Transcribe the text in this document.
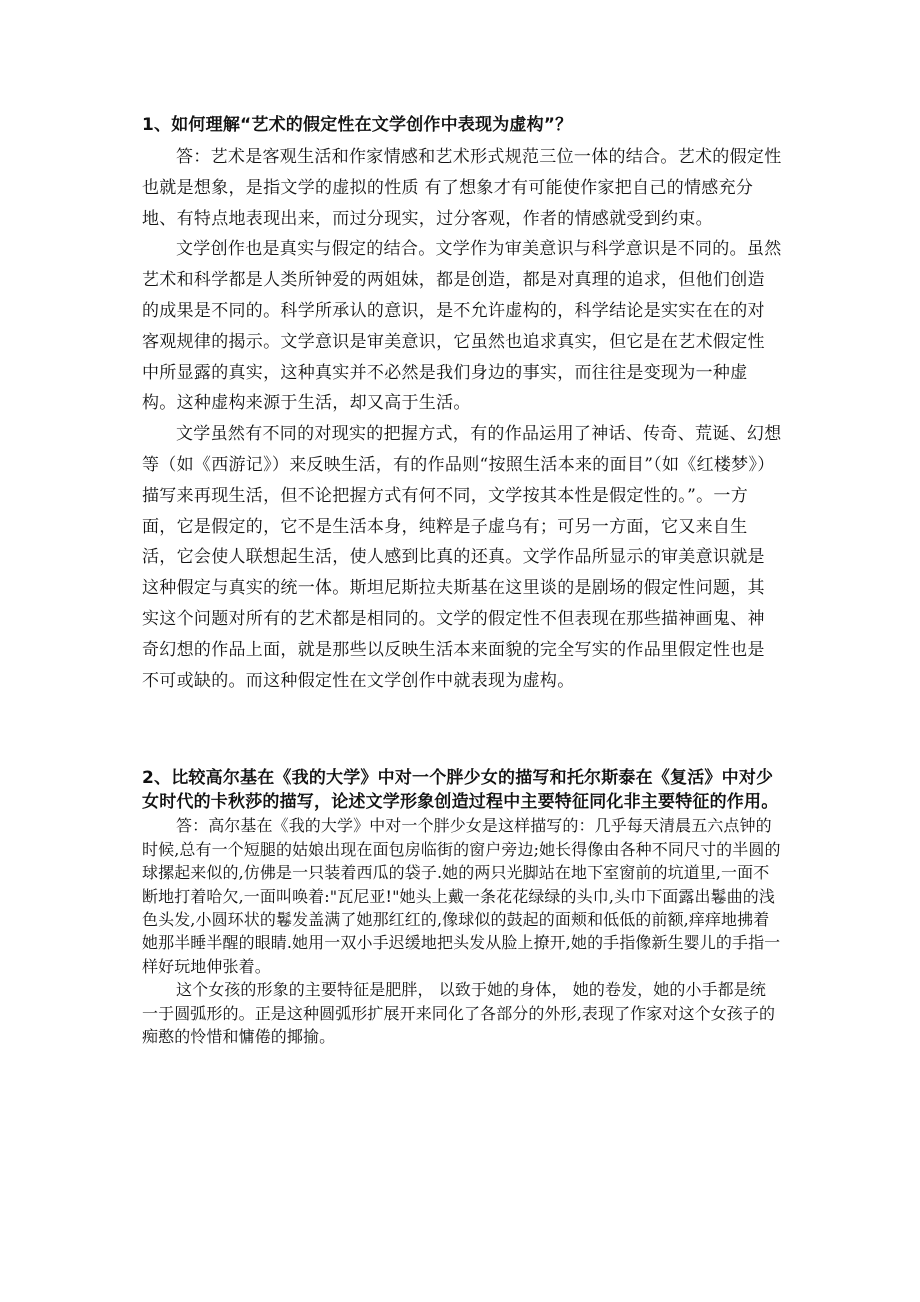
1、如何理解“艺术的假定性在文学创作中表现为虚构”？

答：艺术是客观生活和作家情感和艺术形式规范三位一体的结合。艺术的假定性也就是想象，是指文学的虚拟的性质 有了想象才有可能使作家把自己的情感充分地、有特点地表现出来，而过分现实，过分客观，作者的情感就受到约束。

文学创作也是真实与假定的结合。文学作为审美意识与科学意识是不同的。虽然艺术和科学都是人类所钟爱的两姐妹，都是创造，都是对真理的追求，但他们创造的成果是不同的。科学所承认的意识，是不允许虚构的，科学结论是实实在在的对客观规律的揭示。文学意识是审美意识，它虽然也追求真实，但它是在艺术假定性中所显露的真实，这种真实并不必然是我们身边的事实，而往往是变现为一种虚构。这种虚构来源于生活，却又高于生活。

文学虽然有不同的对现实的把握方式，有的作品运用了神话、传奇、荒诞、幻想等（如《西游记》）来反映生活，有的作品则“按照生活本来的面目”（如《红楼梦》）描写来再现生活，但不论把握方式有何不同，文学按其本性是假定性的。”。一方面，它是假定的，它不是生活本身，纯粹是子虚乌有；可另一方面，它又来自生活，它会使人联想起生活，使人感到比真的还真。文学作品所显示的审美意识就是这种假定与真实的统一体。斯坦尼斯拉夫斯基在这里谈的是剧场的假定性问题，其实这个问题对所有的艺术都是相同的。文学的假定性不但表现在那些描神画鬼、神奇幻想的作品上面，就是那些以反映生活本来面貌的完全写实的作品里假定性也是不可或缺的。而这种假定性在文学创作中就表现为虚构。

2、比较高尔基在《我的大学》中对一个胖少女的描写和托尔斯泰在《复活》中对少女时代的卡秋莎的描写，论述文学形象创造过程中主要特征同化非主要特征的作用。

答：高尔基在《我的大学》中对一个胖少女是这样描写的：几乎每天清晨五六点钟的时候,总有一个短腿的姑娘出现在面包房临街的窗户旁边;她长得像由各种不同尺寸的半圆的球摞起来似的,仿佛是一只装着西瓜的袋子.她的两只光脚站在地下室窗前的坑道里,一面不断地打着哈欠,一面叫唤着:"瓦尼亚!"她头上戴一条花花绿绿的头巾,头巾下面露出鬈曲的浅色头发,小圆环状的鬈发盖满了她那红红的,像球似的鼓起的面颊和低低的前额,痒痒地拂着她那半睡半醒的眼睛.她用一双小手迟缓地把头发从脸上撩开,她的手指像新生婴儿的手指一样好玩地伸张着。

这个女孩的形象的主要特征是肥胖， 以致于她的身体， 她的卷发，她的小手都是统一于圆弧形的。正是这种圆弧形扩展开来同化了各部分的外形,表现了作家对这个女孩子的痴憨的怜惜和慵倦的揶揄。
